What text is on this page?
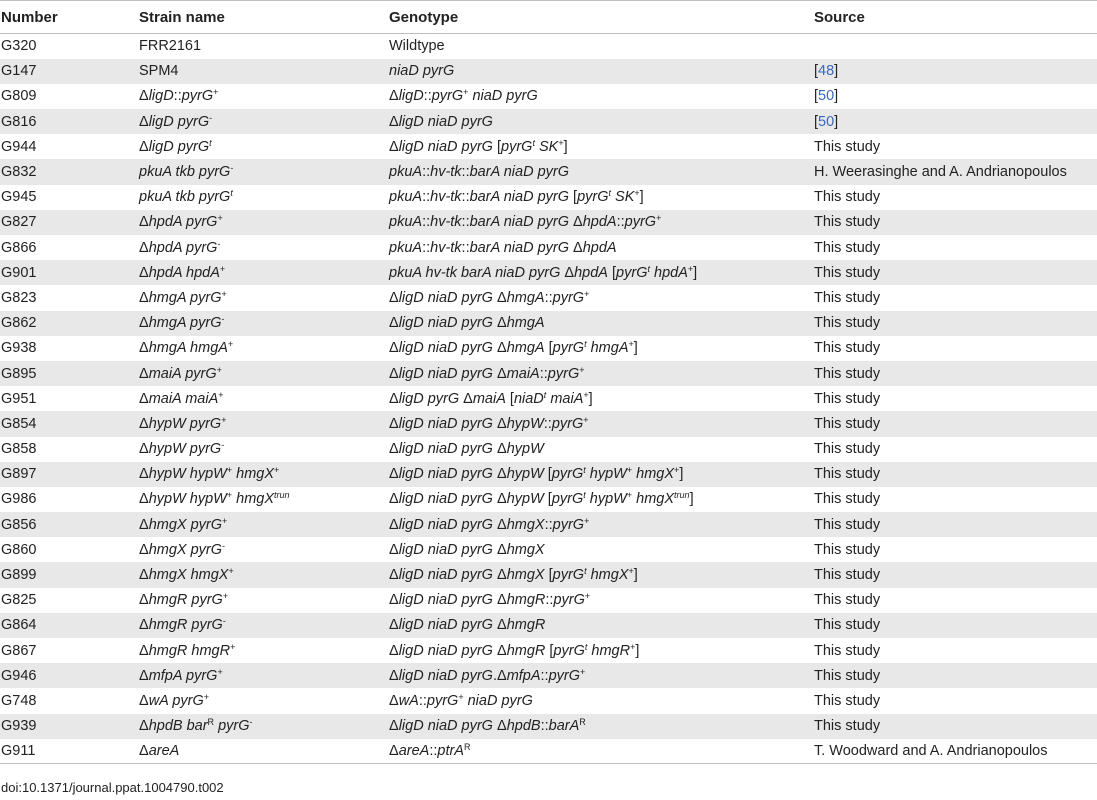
Number	Strain name	Genotype	Source
G320	FRR2161	Wildtype	
G147	SPM4	niaD pyrG	[48]
G809	ΔligD::pyrG+	ΔligD::pyrG+ niaD pyrG	[50]
G816	ΔligD pyrG-	ΔligD niaD pyrG	[50]
G944	ΔligD pyrG$^t$	ΔligD niaD pyrG [pyrG$^t$ SK+]	This study
G832	pkuA tkb pyrG-	pkuA::hv-tk::barA niaD pyrG	H. Weerasinghe and A. Andrianopoulos
G945	pkuA tkb pyrG$^t$	pkuA::hv-tk::barA niaD pyrG [pyrG$^t$ SK+]	This study
G827	ΔhpdA pyrG+	pkuA::hv-tk::barA niaD pyrG ΔhpdA::pyrG+	This study
G866	ΔhpdA pyrG-	pkuA::hv-tk::barA niaD pyrG ΔhpdA	This study
G901	ΔhpdA hpdA+	pkuA hv-tk barA niaD pyrG ΔhpdA [pyrG$^t$ hpdA+]	This study
G823	ΔhmgA pyrG+	ΔligD niaD pyrG ΔhmgA::pyrG+	This study
G862	ΔhmgA pyrG-	ΔligD niaD pyrG ΔhmgA	This study
G938	ΔhmgA hmgA+	ΔligD niaD pyrG ΔhmgA [pyrG$^t$ hmgA+]	This study
G895	ΔmaiA pyrG+	ΔligD niaD pyrG ΔmaiA::pyrG+	This study
G951	ΔmaiA maiA+	ΔligD pyrG ΔmaiA [niaD$^t$ maiA+]	This study
G854	ΔhypW pyrG+	ΔligD niaD pyrG ΔhypW::pyrG+	This study
G858	ΔhypW pyrG-	ΔligD niaD pyrG ΔhypW	This study
G897	ΔhypW hypW+ hmgX+	ΔligD niaD pyrG ΔhypW [pyrG$^t$ hypW+ hmgX+]	This study
G986	ΔhypW hypW+ hmgX$^{trun}$	ΔligD niaD pyrG ΔhypW [pyrG$^t$ hypW+ hmgX$^{trun}$]	This study
G856	ΔhmgX pyrG+	ΔligD niaD pyrG ΔhmgX::pyrG+	This study
G860	ΔhmgX pyrG-	ΔligD niaD pyrG ΔhmgX	This study
G899	ΔhmgX hmgX+	ΔligD niaD pyrG ΔhmgX [pyrG$^t$ hmgX+]	This study
G825	ΔhmgR pyrG+	ΔligD niaD pyrG ΔhmgR::pyrG+	This study
G864	ΔhmgR pyrG-	ΔligD niaD pyrG ΔhmgR	This study
G867	ΔhmgR hmgR+	ΔligD niaD pyrG ΔhmgR [pyrG$^t$ hmgR+]	This study
G946	ΔmfpA pyrG+	ΔligD niaD pyrG.ΔmfpA::pyrG+	This study
G748	ΔwA pyrG+	ΔwA::pyrG+ niaD pyrG	This study
G939	ΔhpdB bar$^R$ pyrG-	ΔligD niaD pyrG ΔhpdB::barA$^R$	This study
G911	ΔareA	ΔareA::ptrA$^R$	T. Woodward and A. Andrianopoulos
doi:10.1371/journal.ppat.1004790.t002
